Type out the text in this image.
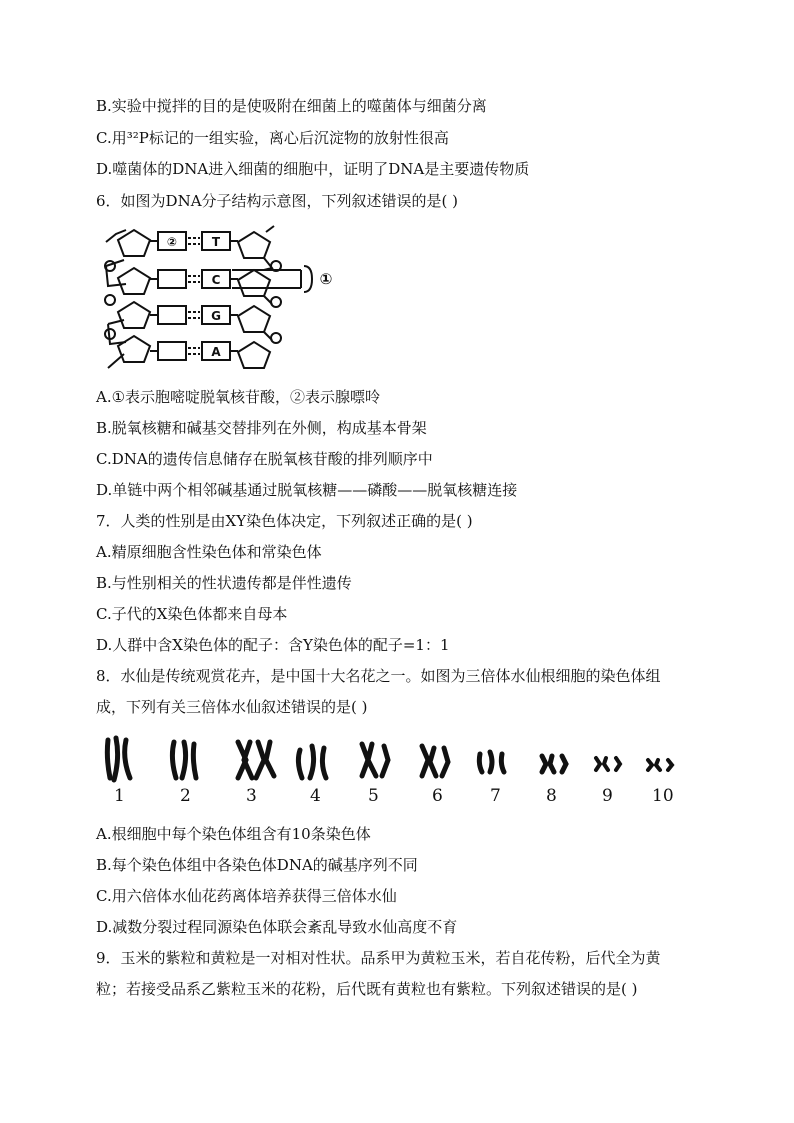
B.实验中搅拌的目的是使吸附在细菌上的噬菌体与细菌分离
C.用³²P标记的一组实验，离心后沉淀物的放射性很高
D.噬菌体的DNA进入细菌的细胞中，证明了DNA是主要遗传物质
6．如图为DNA分子结构示意图，下列叙述错误的是( )
②	T
C
G
A
①
A.①表示胞嘧啶脱氧核苷酸，②表示腺嘌呤
B.脱氧核糖和碱基交替排列在外侧，构成基本骨架
C.DNA的遗传信息储存在脱氧核苷酸的排列顺序中
D.单链中两个相邻碱基通过脱氧核糖——磷酸——脱氧核糖连接
7．人类的性别是由XY染色体决定，下列叙述正确的是( )
A.精原细胞含性染色体和常染色体
B.与性别相关的性状遗传都是伴性遗传
C.子代的X染色体都来自母本
D.人群中含X染色体的配子：含Y染色体的配子=1：1
8．水仙是传统观赏花卉，是中国十大名花之一。如图为三倍体水仙根细胞的染色体组
成，下列有关三倍体水仙叙述错误的是( )
1	2	3	4	5	6	7	8	9 10
A.根细胞中每个染色体组含有10条染色体
B.每个染色体组中各染色体DNA的碱基序列不同
C.用六倍体水仙花药离体培养获得三倍体水仙
D.减数分裂过程同源染色体联会紊乱导致水仙高度不育
9．玉米的紫粒和黄粒是一对相对性状。品系甲为黄粒玉米，若自花传粉，后代全为黄
粒；若接受品系乙紫粒玉米的花粉，后代既有黄粒也有紫粒。下列叙述错误的是( )
